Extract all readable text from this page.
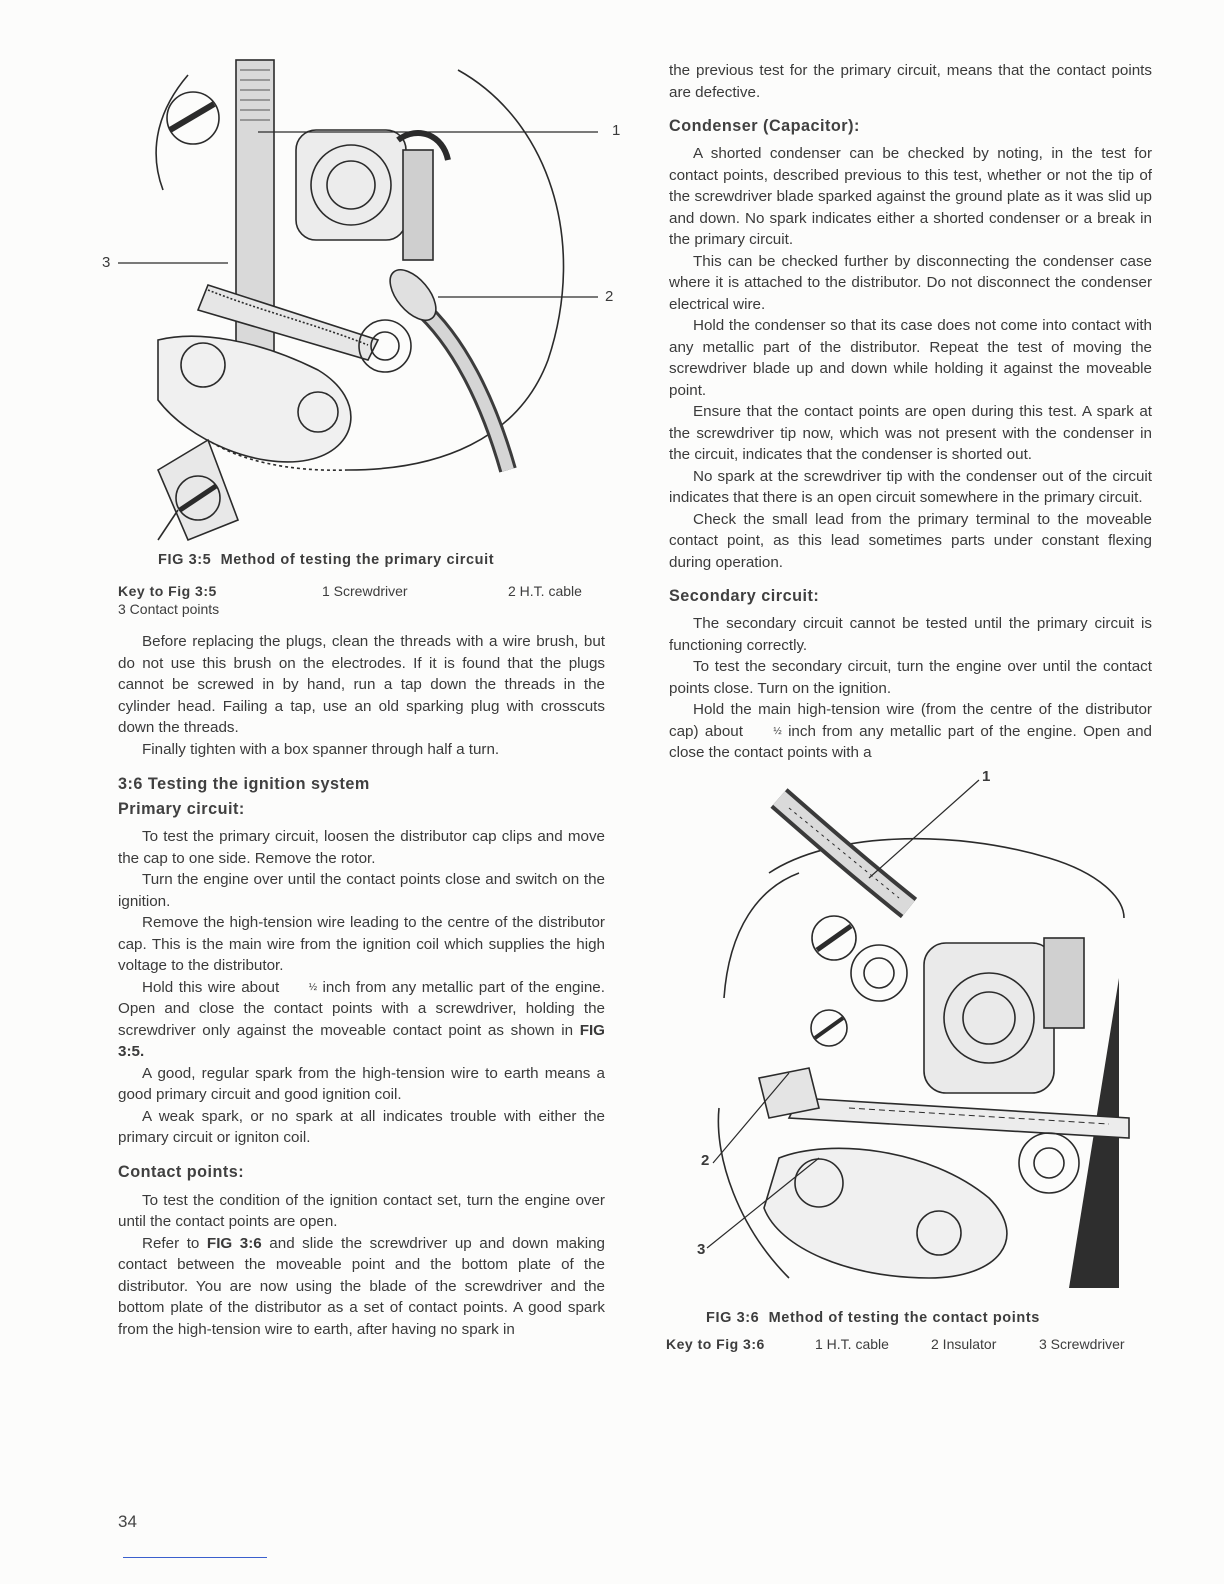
1
2
3
FIG 3:5 Method of testing the primary circuit
Key to Fig 3:5	1 Screwdriver	2 H.T. cable
3 Contact points

Before replacing the plugs, clean the threads with a wire brush, but do not use this brush on the electrodes. If it is found that the plugs cannot be screwed in by hand, run a tap down the threads in the cylinder head. Failing a tap, use an old sparking plug with crosscuts down the threads.

Finally tighten with a box spanner through half a turn.

3:6 Testing the ignition system
Primary circuit:

To test the primary circuit, loosen the distributor cap clips and move the cap to one side. Remove the rotor.

Turn the engine over until the contact points close and switch on the ignition.

Remove the high-tension wire leading to the centre of the distributor cap. This is the main wire from the ignition coil which supplies the high voltage to the distributor.

Hold this wire about	½ inch from any metallic part of the engine. Open and close the contact points with a screwdriver, holding the screwdriver only against the moveable contact point as shown in FIG 3:5.

A good, regular spark from the high-tension wire to earth means a good primary circuit and good ignition coil.

A weak spark, or no spark at all indicates trouble with either the primary circuit or igniton coil.

Contact points:

To test the condition of the ignition contact set, turn the engine over until the contact points are open.

Refer to FIG 3:6 and slide the screwdriver up and down making contact between the moveable point and the bottom plate of the distributor. You are now using the blade of the screwdriver and the bottom plate of the distributor as a set of contact points. A good spark from the high-tension wire to earth, after having no spark in

the previous test for the primary circuit, means that the contact points are defective.

Condenser (Capacitor):

A shorted condenser can be checked by noting, in the test for contact points, described previous to this test, whether or not the tip of the screwdriver blade sparked against the ground plate as it was slid up and down. No spark indicates either a shorted condenser or a break in the primary circuit.

This can be checked further by disconnecting the condenser case where it is attached to the distributor. Do not disconnect the condenser electrical wire.

Hold the condenser so that its case does not come into contact with any metallic part of the distributor. Repeat the test of moving the screwdriver blade up and down while holding it against the moveable point.

Ensure that the contact points are open during this test. A spark at the screwdriver tip now, which was not present with the condenser in the circuit, indicates that the condenser is shorted out.

No spark at the screwdriver tip with the condenser out of the circuit indicates that there is an open circuit somewhere in the primary circuit.

Check the small lead from the primary terminal to the moveable contact point, as this lead sometimes parts under constant flexing during operation.

Secondary circuit:

The secondary circuit cannot be tested until the primary circuit is functioning correctly.

To test the secondary circuit, turn the engine over until the contact points close. Turn on the ignition.

Hold the main high-tension wire (from the centre of the distributor cap) about	½ inch from any metallic part of the engine. Open and close the contact points with a

1
2
3
FIG 3:6 Method of testing the contact points
Key to Fig 3:6	1 H.T. cable	2 Insulator	3 Screwdriver
34
